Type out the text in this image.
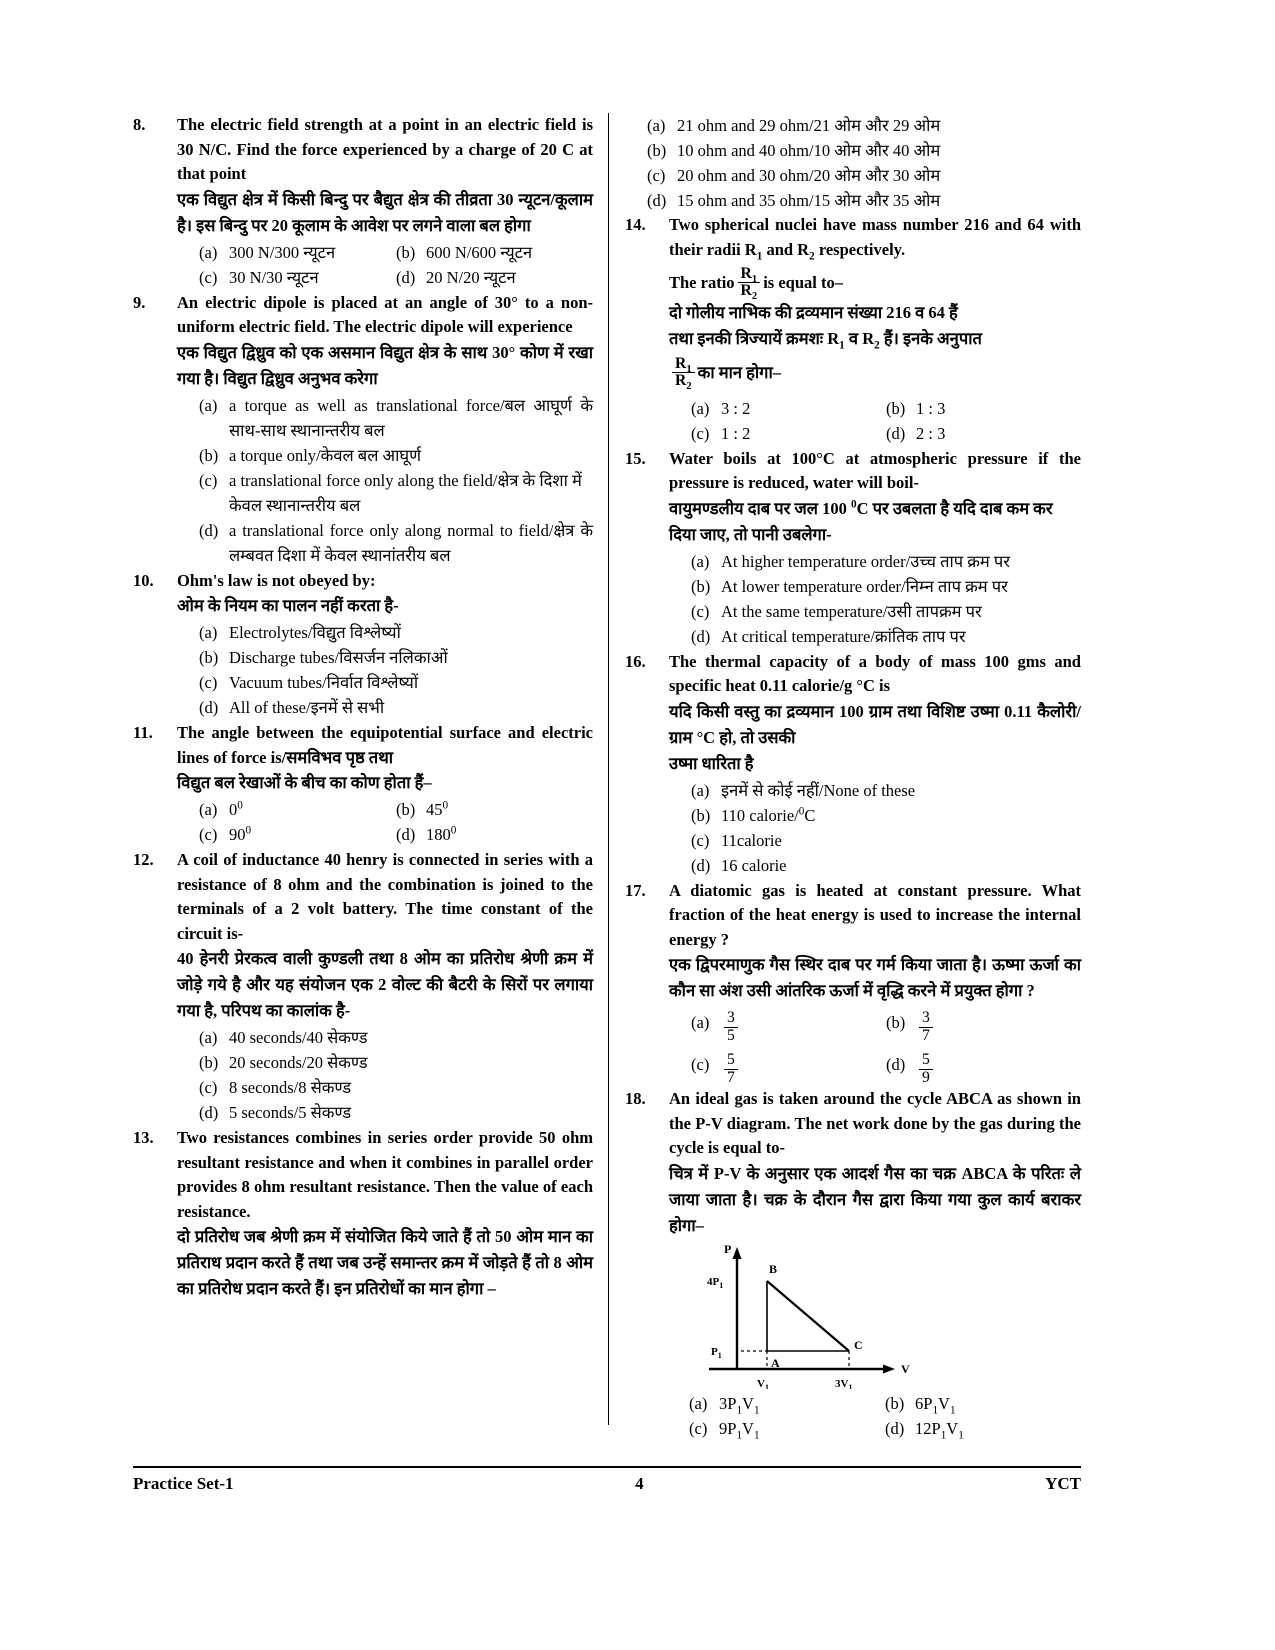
8.	The electric field strength at a point in an electric field is 30 N/C. Find the force experienced by a charge of 20 C at that point
एक विद्युत क्षेत्र में किसी बिन्दु पर बैद्युत क्षेत्र की तीव्रता 30 न्यूटन/कूलाम है। इस बिन्दु पर 20 कूलाम के आवेश पर लगने वाला बल होगा
(a) 300 N/300 न्यूटन	(b) 600 N/600 न्यूटन
(c) 30 N/30 न्यूटन	(d) 20 N/20 न्यूटन
9.	An electric dipole is placed at an angle of 30° to a non-uniform electric field. The electric dipole will experience
एक विद्युत द्विध्रुव को एक असमान विद्युत क्षेत्र के साथ 30° कोण में रखा गया है। विद्युत द्विध्रुव अनुभव करेगा
(a) a torque as well as translational force/बल आघूर्ण के साथ-साथ स्थानान्तरीय बल
(b) a torque only/केवल बल आघूर्ण
(c) a translational force only along the field/क्षेत्र के दिशा में केवल स्थानान्तरीय बल
(d) a translational force only along normal to field/क्षेत्र के लम्बवत दिशा में केवल स्थानांतरीय बल
10.	Ohm's law is not obeyed by:
ओम के नियम का पालन नहीं करता है-
(a) Electrolytes/विद्युत विश्लेष्यों
(b) Discharge tubes/विसर्जन नलिकाओं
(c) Vacuum tubes/निर्वात विश्लेष्यों
(d) All of these/इनमें से सभी
11.	The angle between the equipotential surface and electric lines of force is/समविभव पृष्ठ तथा
विद्युत बल रेखाओं के बीच का कोण होता हैं–
(a) $0^0$	(b) $45^0$
(c) $90^0$	(d) $180^0$
12.	A coil of inductance 40 henry is connected in series with a resistance of 8 ohm and the combination is joined to the terminals of a 2 volt battery. The time constant of the circuit is-
40 हेनरी प्रेरकत्व वाली कुण्डली तथा 8 ओम का प्रतिरोध श्रेणी क्रम में जोड़े गये है और यह संयोजन एक 2 वोल्ट की बैटरी के सिरों पर लगाया गया है, परिपथ का कालांक है-
(a) 40 seconds/40 सेकण्ड
(b) 20 seconds/20 सेकण्ड
(c) 8 seconds/8 सेकण्ड
(d) 5 seconds/5 सेकण्ड
13.	Two resistances combines in series order provide 50 ohm resultant resistance and when it combines in parallel order provides 8 ohm resultant resistance. Then the value of each resistance.
दो प्रतिरोध जब श्रेणी क्रम में संयोजित किये जाते हैं तो 50 ओम मान का प्रतिराध प्रदान करते हैं तथा जब उन्हें समान्तर क्रम में जोड़ते हैं तो 8 ओम का प्रतिरोध प्रदान करते हैं। इन प्रतिरोधों का मान होगा –
(a) 21 ohm and 29 ohm/21 ओम और 29 ओम
(b) 10 ohm and 40 ohm/10 ओम और 40 ओम
(c) 20 ohm and 30 ohm/20 ओम और 30 ओम
(d) 15 ohm and 35 ohm/15 ओम और 35 ओम
14.	Two spherical nuclei have mass number 216 and 64 with their radii $R_1$ and $R_2$ respectively.
The ratio $\frac{R_1}{R_2}$ is equal to–
दो गोलीय नाभिक की द्रव्यमान संख्या 216 व 64 हैं
तथा इनकी त्रिज्यायें क्रमशः $R_1$ व $R_2$ हैं। इनके अनुपात
$\frac{R_1}{R_2}$ का मान होगा–
(a) 3 : 2	(b) 1 : 3
(c) 1 : 2	(d) 2 : 3
15.	Water boils at 100°C at atmospheric pressure if the pressure is reduced, water will boil-
वायुमण्डलीय दाब पर जल 100 $^0$C पर उबलता है यदि दाब कम कर दिया जाए, तो पानी उबलेगा-
(a) At higher temperature order/उच्च ताप क्रम पर
(b) At lower temperature order/निम्न ताप क्रम पर
(c) At the same temperature/उसी तापक्रम पर
(d) At critical temperature/क्रांतिक ताप पर
16.	The thermal capacity of a body of mass 100 gms and specific heat 0.11 calorie/g °C is
यदि किसी वस्तु का द्रव्यमान 100 ग्राम तथा विशिष्ट उष्मा 0.11 कैलोरी/ग्राम °C हो, तो उसकी
उष्मा धारिता है
(a) इनमें से कोई नहीं/None of these
(b) 110 calorie/$^0$C
(c) 11calorie
(d) 16 calorie
17.	A diatomic gas is heated at constant pressure. What fraction of the heat energy is used to increase the internal energy ?
एक द्विपरमाणुक गैस स्थिर दाब पर गर्म किया जाता है। ऊष्मा ऊर्जा का कौन सा अंश उसी आंतरिक ऊर्जा में वृद्धि करने में प्रयुक्त होगा ?
$(a) \frac{3}{5}$	$(b) \frac{3}{7}$
$(c) \frac{5}{7}$	$(d) \frac{5}{9}$
18.	An ideal gas is taken around the cycle ABCA as shown in the P-V diagram. The net work done by the gas during the cycle is equal to-
चित्र में P-V के अनुसार एक आदर्श गैस का चक्र ABCA के परितः ले जाया जाता है। चक्र के दौरान गैस द्वारा किया गया कुल कार्य बराकर होगा–
P
V
$4P_1$
$P_1$
$V_1$	$3V_1$
A
B
C
(a) $3P_1V_1$	(b) $6P_1V_1$
(c) $9P_1V_1$	(d) $12P_1V_1$
Practice Set-1	4	YCT
